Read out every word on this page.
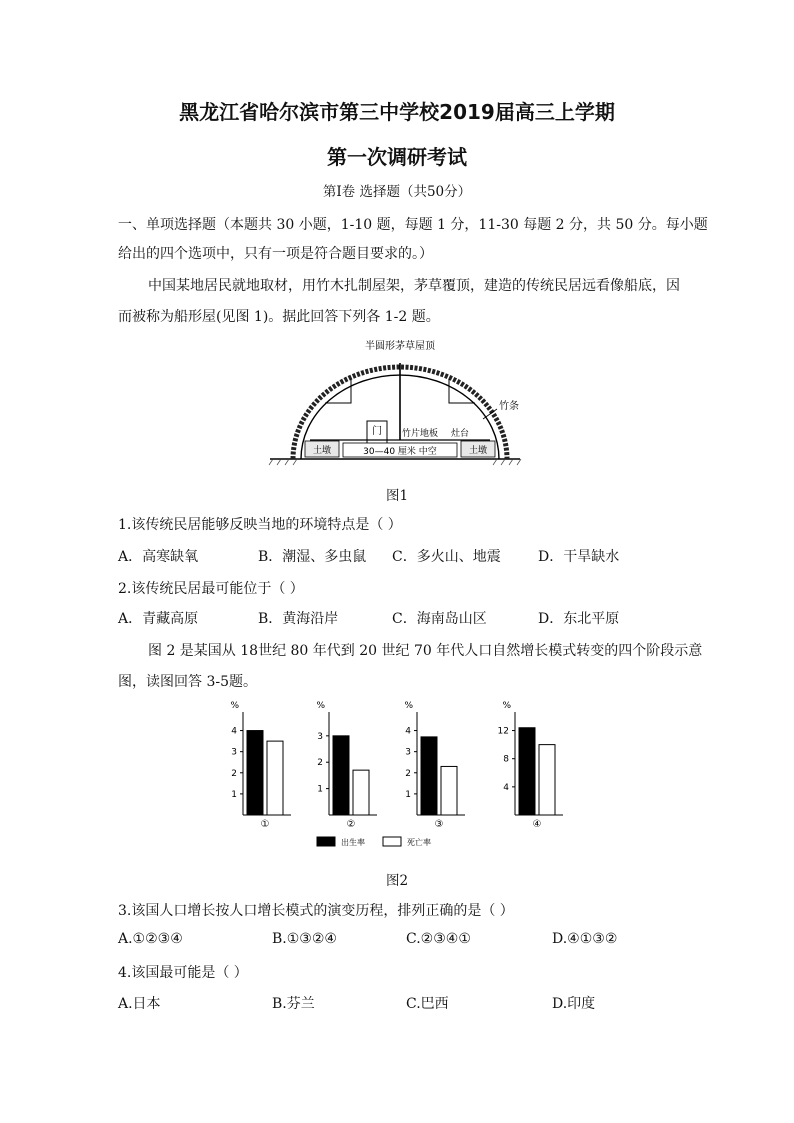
黑龙江省哈尔滨市第三中学校2019届高三上学期
第一次调研考试
第Ⅰ卷 选择题（共50分）
一、单项选择题（本题共 30 小题，1-10 题，每题 1 分，11-30 每题 2 分，共 50 分。每小题
给出的四个选项中，只有一项是符合题目要求的。）
中国某地居民就地取材，用竹木扎制屋架，茅草覆顶，建造的传统民居远看像船底，因
而被称为船形屋(见图 1)。据此回答下列各 1-2 题。
半圆形茅草屋顶
竹条
门 竹片地板 灶台
土墩	土墩
30—40 厘米 中空
图1
1.该传统民居能够反映当地的环境特点是（ ）
A．高寒缺氧	B．潮湿、多虫鼠 C．多火山、地震	D．干旱缺水
2.该传统民居最可能位于（ ）
A．青藏高原	B．黄海沿岸	C．海南岛山区	D．东北平原
图 2 是某国从 18世纪 80 年代到 20 世纪 70 年代人口自然增长模式转变的四个阶段示意
图，读图回答 3-5题。
%
1
2
3
4
①
%
1
2
3
②
%
1
2
3
4
③
%
4
8
12
④
出生率	死亡率
图2
3.该国人口增长按人口增长模式的演变历程，排列正确的是（ ）
A.①②③④	B.①③②④	C.②③④①	D.④①③②
4.该国最可能是（ ）
A.日本	B.芬兰	C.巴西	D.印度
